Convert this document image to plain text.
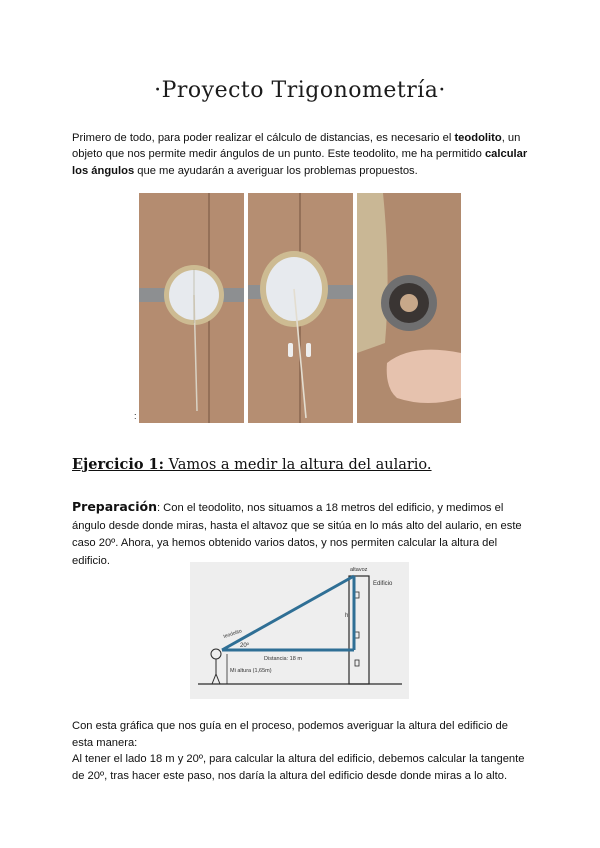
·Proyecto Trigonometría·

Primero de todo, para poder realizar el cálculo de distancias, es necesario el teodolito, un objeto que nos permite medir ángulos de un punto. Este teodolito, me ha permitido calcular los ángulos que me ayudarán a averiguar los problemas propuestos.

:
Ejercicio 1: Vamos a medir la altura del aulario.

Preparación: Con el teodolito, nos situamos a 18 metros del edificio, y medimos el ángulo desde donde miras, hasta el altavoz que se sitúa en lo más alto del aulario, en este caso 20º. Ahora, ya hemos obtenido varios datos, y nos permiten calcular la altura del edificio.

altavoz
Edificio
20º
Distancia: 18 m
Mi altura (1,65m)
teodolito
h
Con esta gráfica que nos guía en el proceso, podemos averiguar la altura del edificio de esta manera:
Al tener el lado 18 m y 20º, para calcular la altura del edificio, debemos calcular la tangente de 20º, tras hacer este paso, nos daría la altura del edificio desde donde miras a lo alto.
